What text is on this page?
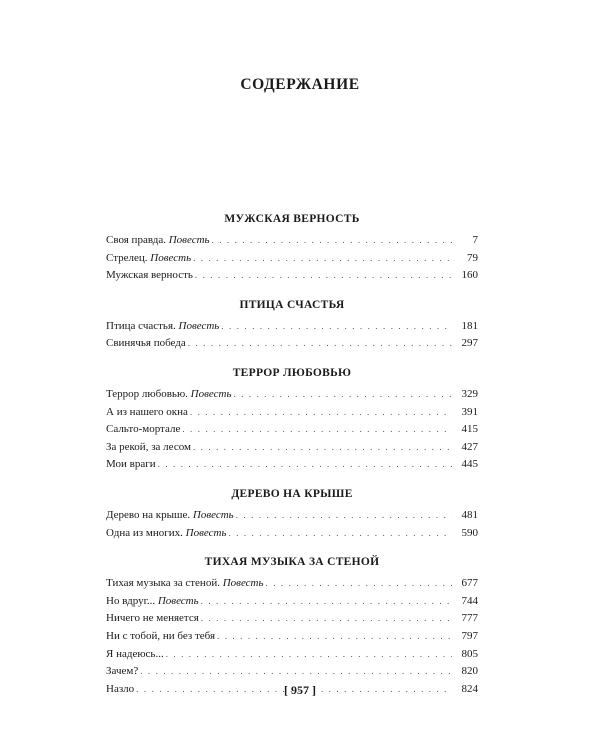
СОДЕРЖАНИЕ
МУЖСКАЯ ВЕРНОСТЬ
Своя правда. Повесть . . .	7
Стрелец. Повесть . . .	79
Мужская верность . . .	160
ПТИЦА СЧАСТЬЯ
Птица счастья. Повесть . . .	181
Свинячья победа . . .	297
ТЕРРОР ЛЮБОВЬЮ
Террор любовью. Повесть . . .	329
А из нашего окна . . .	391
Сальто-мортале . . .	415
За рекой, за лесом . . .	427
Мои враги . . .	445
ДЕРЕВО НА КРЫШЕ
Дерево на крыше. Повесть . . .	481
Одна из многих. Повесть . . .	590
ТИХАЯ МУЗЫКА ЗА СТЕНОЙ
Тихая музыка за стеной. Повесть . . .	677
Но вдруг... Повесть . . .	744
Ничего не меняется . . .	777
Ни с тобой, ни без тебя . . .	797
Я надеюсь... . . .	805
Зачем? . . .	820
Назло . . .	824
[ 957 ]
